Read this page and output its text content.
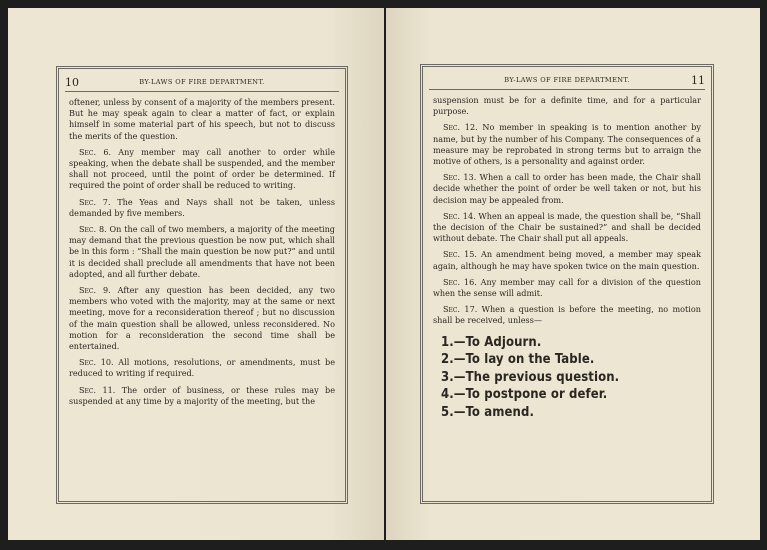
10	BY-LAWS OF FIRE DEPARTMENT.

oftener, unless by consent of a majority of the members present. But he may speak again to clear a matter of fact, or explain himself in some material part of his speech, but not to discuss the merits of the question.

Sec. 6. Any member may call another to order while speaking, when the debate shall be suspended, and the member shall not proceed, until the point of order be determined. If required the point of order shall be reduced to writing.

Sec. 7. The Yeas and Nays shall not be taken, unless demanded by five members.

Sec. 8. On the call of two members, a majority of the meeting may demand that the previous question be now put, which shall be in this form : “Shall the main question be now put?” and until it is decided shall preclude all amendments that have not been adopted, and all further debate.

Sec. 9. After any question has been decided, any two members who voted with the majority, may at the same or next meeting, move for a reconsideration thereof ; but no discussion of the main question shall be allowed, unless reconsidered. No motion for a reconsideration the second time shall be entertained.

Sec. 10. All motions, resolutions, or amendments, must be reduced to writing if required.

Sec. 11. The order of business, or these rules may be suspended at any time by a majority of the meeting, but the

BY-LAWS OF FIRE DEPARTMENT.	11

suspension must be for a definite time, and for a particular purpose.

Sec. 12. No member in speaking is to mention another by name, but by the number of his Company. The consequences of a measure may be reprobated in strong terms but to arraign the motive of others, is a personality and against order.

Sec. 13. When a call to order has been made, the Chair shall decide whether the point of order be well taken or not, but his decision may be appealed from.

Sec. 14. When an appeal is made, the question shall be, “Shall the decision of the Chair be sustained?” and shall be decided without debate. The Chair shall put all appeals.

Sec. 15. An amendment being moved, a member may speak again, although he may have spoken twice on the main question.

Sec. 16. Any member may call for a division of the question when the sense will admit.

Sec. 17. When a question is before the meeting, no motion shall be received, unless—

1.—To Adjourn.
2.—To lay on the Table.
3.—The previous question.
4.—To postpone or defer.
5.—To amend.
